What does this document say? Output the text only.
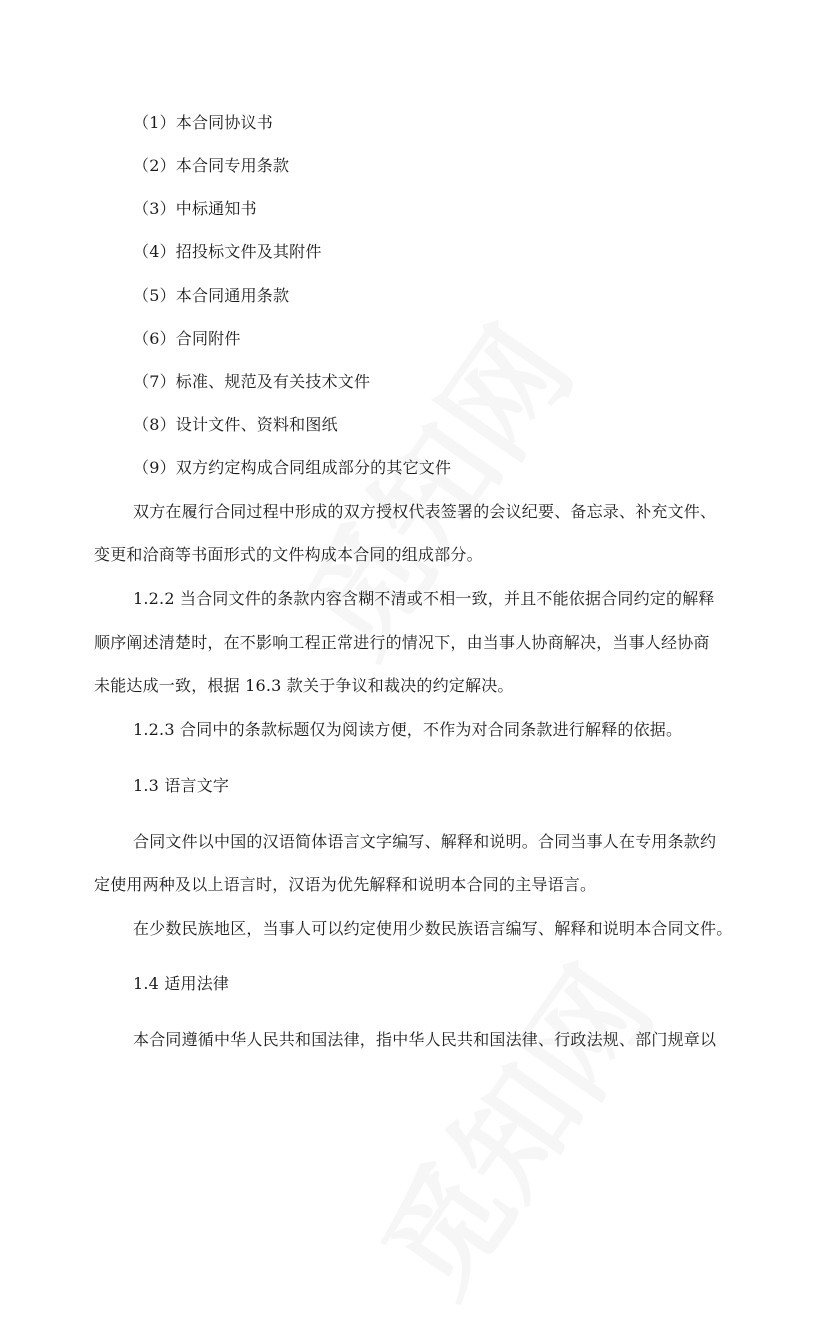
（1）本合同协议书
（2）本合同专用条款
（3）中标通知书
（4）招投标文件及其附件
（5）本合同通用条款
（6）合同附件
（7）标准、规范及有关技术文件
（8）设计文件、资料和图纸
（9）双方约定构成合同组成部分的其它文件
双方在履行合同过程中形成的双方授权代表签署的会议纪要、备忘录、补充文件、
变更和洽商等书面形式的文件构成本合同的组成部分。
1.2.2 当合同文件的条款内容含糊不清或不相一致，并且不能依据合同约定的解释
顺序阐述清楚时，在不影响工程正常进行的情况下，由当事人协商解决，当事人经协商
未能达成一致，根据 16.3 款关于争议和裁决的约定解决。
1.2.3 合同中的条款标题仅为阅读方便，不作为对合同条款进行解释的依据。
1.3 语言文字
合同文件以中国的汉语简体语言文字编写、解释和说明。合同当事人在专用条款约
定使用两种及以上语言时，汉语为优先解释和说明本合同的主导语言。
在少数民族地区，当事人可以约定使用少数民族语言编写、解释和说明本合同文件。
1.4 适用法律
本合同遵循中华人民共和国法律，指中华人民共和国法律、行政法规、部门规章以
